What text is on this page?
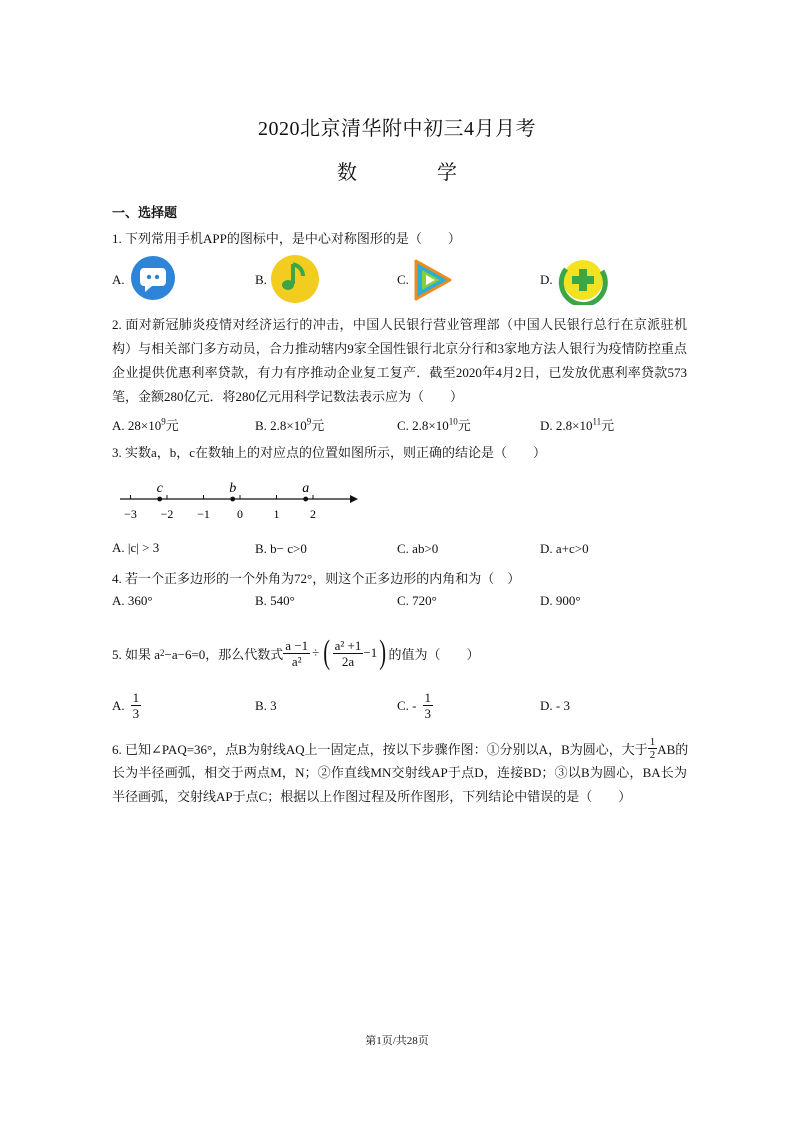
2020北京清华附中初三4月月考
数　学
一、选择题
1. 下列常用手机APP的图标中，是中心对称图形的是（　　）
A.	B.	C.	D.
2. 面对新冠肺炎疫情对经济运行的冲击，中国人民银行营业管理部（中国人民银行总行在京派驻机构）与相关部门多方动员，合力推动辖内9家全国性银行北京分行和3家地方法人银行为疫情防控重点企业提供优惠利率贷款，有力有序推动企业复工复产．截至2020年4月2日，已发放优惠利率贷款573笔，金额280亿元．将280亿元用科学记数法表示应为（　　）
A. $28\times 10^9$元	B. $2.8\times 10^9$元	C. $2.8\times 10^{10}$元	D. $2.8\times 10^{11}$元
3. 实数a，b，c在数轴上的对应点的位置如图所示，则正确的结论是（　　）
−3 −2 −1 0	1	2
c	b	a
A. |c| > 3	B. b− c>0	C. ab>0	D. a+c>0
4. 若一个正多边形的一个外角为72°，则这个正多边形的内角和为（　）
A. 360°	B. 540°	C. 720°	D. 900°
5. 如果 a 2 −a−6=0，那么代数式 $\frac{a -1}{\text{a²}}$ ÷ ( $\frac{\text{a² +1}}{2a} -1$ ) 的值为（　　）
A. $\frac{1}{3}$	B. 3	C. ‐ $\frac{1}{3}$	D. ‐ 3
6. 已知∠PAQ=36°，点B为射线AQ上一固定点，按以下步骤作图：①分别以A，B为圆心，大于 $\frac{1}{2}$ AB的
长为半径画弧，相交于两点M，N；②作直线MN交射线AP于点D，连接BD；③以B为圆心，BA长为半径画弧，交射线AP于点C；根据以上作图过程及所作图形，下列结论中错误的是（　　）
第1页/共28页
